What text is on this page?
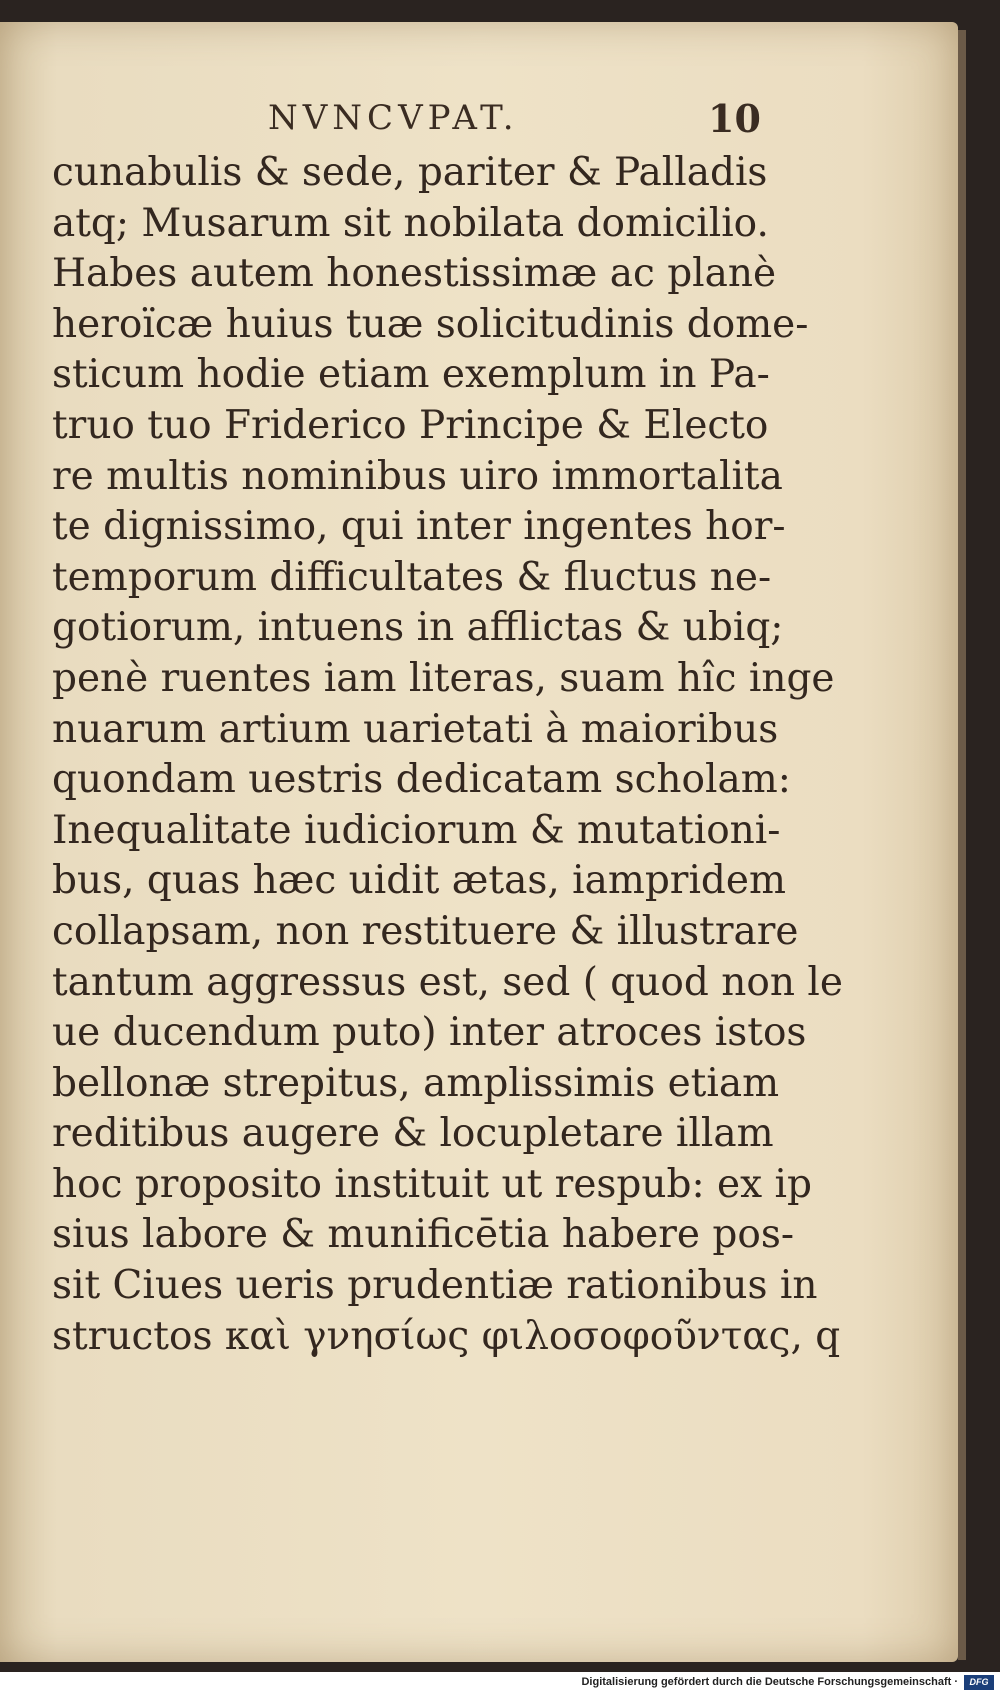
NVNCVPAT.	10
cunabulis & sede, pariter & Palladis
atq; Musarum sit nobilata domicilio.
Habes autem honestissimæ ac planè
heroïcæ huius tuæ solicitudinis dome-
sticum hodie etiam exemplum in Pa-
truo tuo Friderico Principe & Electo
re multis nominibus uiro immortalita
te dignissimo, qui inter ingentes hor-
temporum difficultates & fluctus ne-
gotiorum, intuens in afflictas & ubiq;
penè ruentes iam literas, suam hîc inge
nuarum artium uarietati à maioribus
quondam uestris dedicatam scholam:
Inequalitate iudiciorum & mutationi-
bus, quas hæc uidit ætas, iampridem
collapsam, non restituere & illustrare
tantum aggressus est, sed ( quod non le
ue ducendum puto) inter atroces istos
bellonæ strepitus, amplissimis etiam
reditibus augere & locupletare illam
hoc proposito instituit ut respub: ex ip
sius labore & munificētia habere pos-
sit Ciues ueris prudentiæ rationibus in
structos καὶ γνησίως φιλοσοφοῦντας, q
Digitalisierung gefördert durch die Deutsche Forschungsgemeinschaft ·	DFG
